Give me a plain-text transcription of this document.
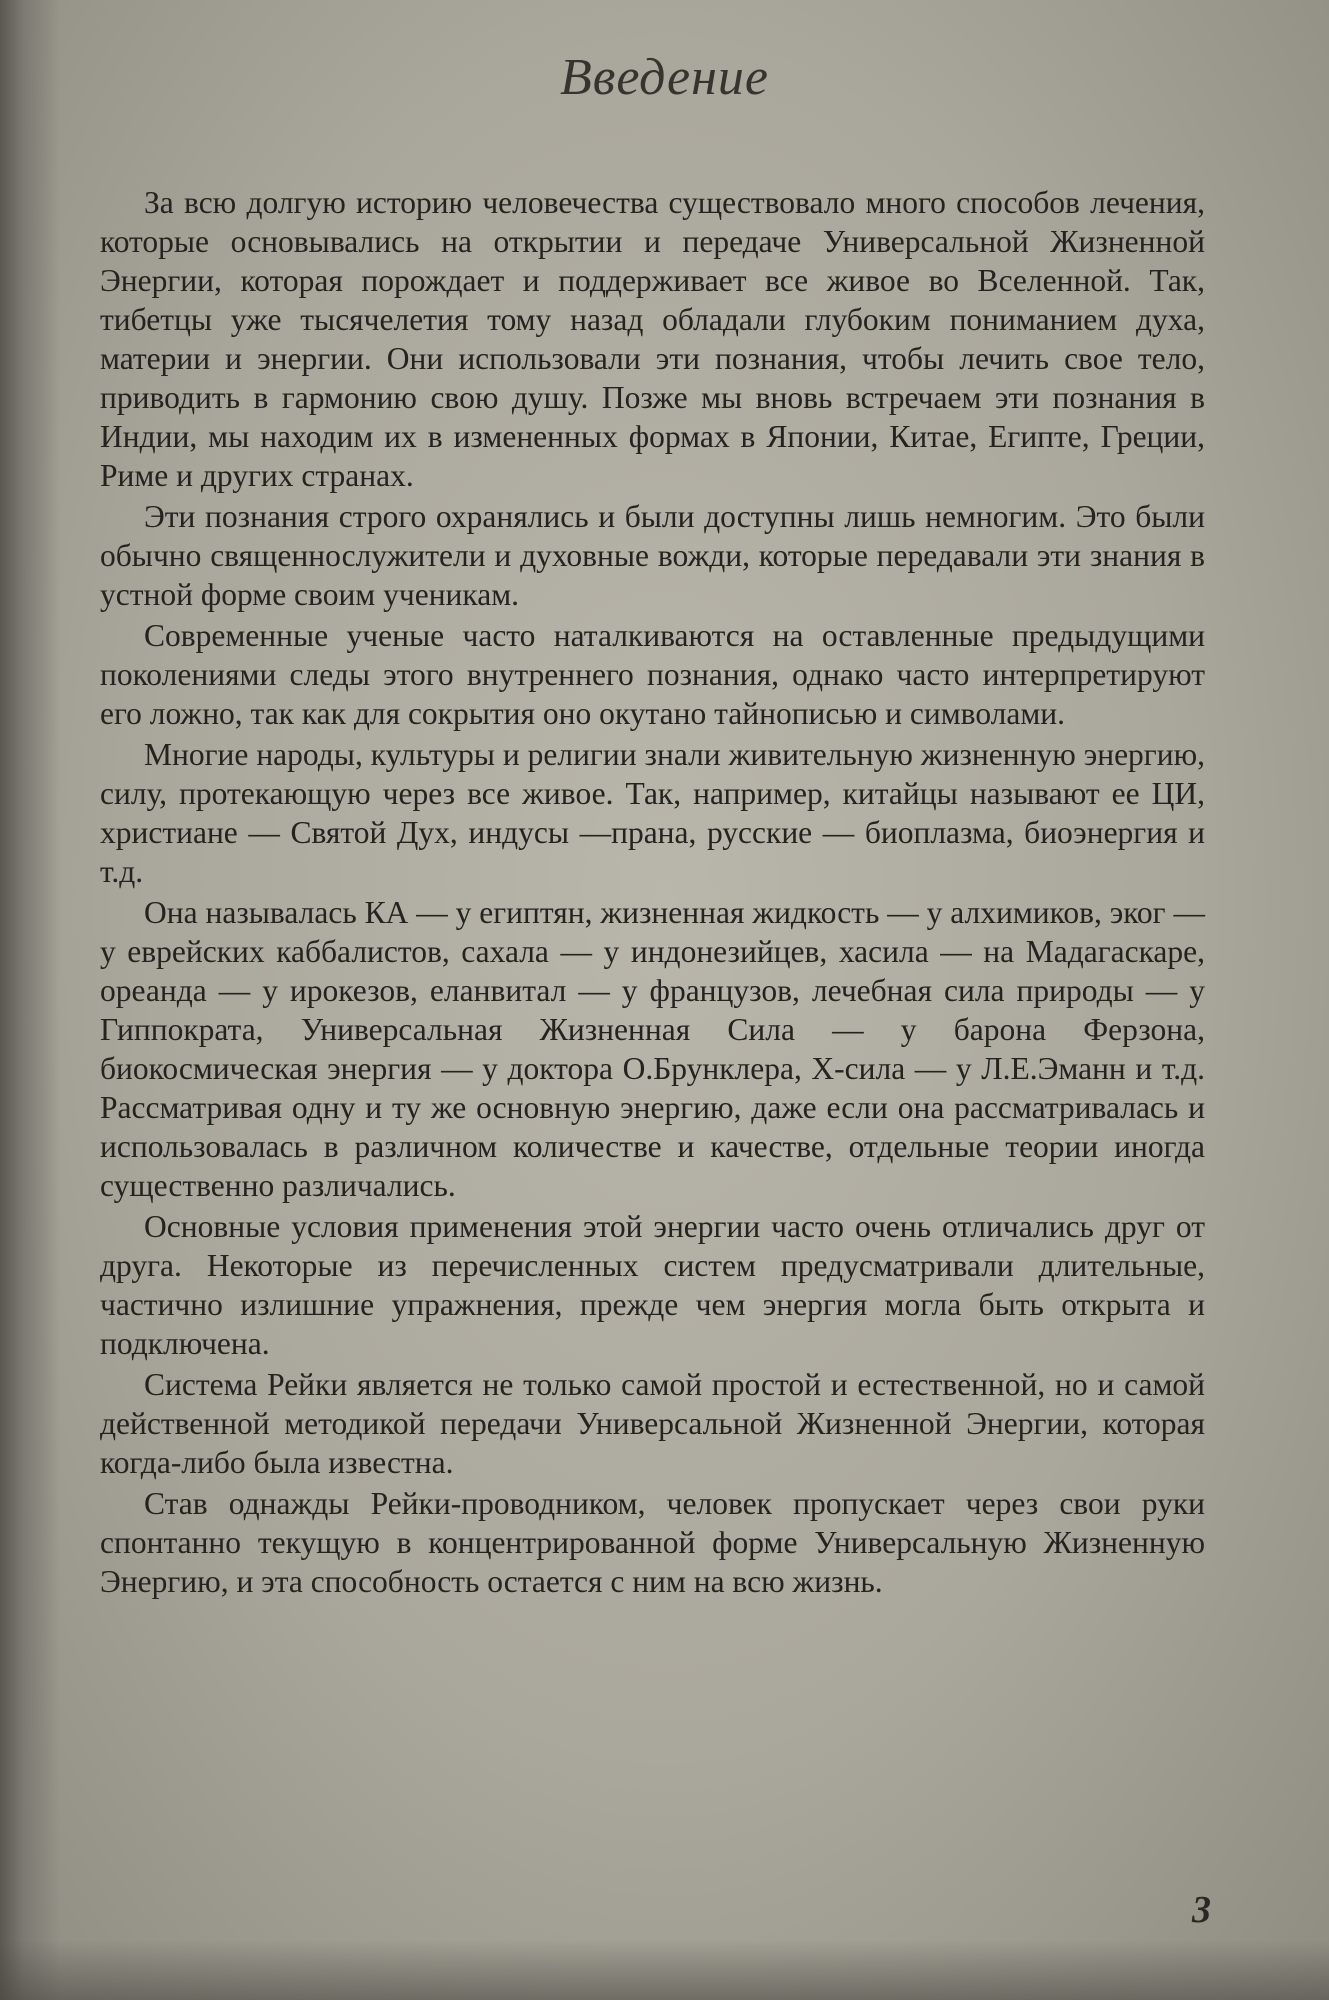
Введение

За всю долгую историю человечества существовало много способов лечения, которые основывались на открытии и передаче Универсальной Жизненной Энергии, которая порождает и поддерживает все живое во Вселенной. Так, тибетцы уже тысячелетия тому назад обладали глубоким пониманием духа, материи и энергии. Они использовали эти познания, чтобы лечить свое тело, приводить в гармонию свою душу. Позже мы вновь встречаем эти познания в Индии, мы находим их в измененных формах в Японии, Китае, Египте, Греции, Риме и других странах.

Эти познания строго охранялись и были доступны лишь немногим. Это были обычно священнослужители и духовные вожди, которые передавали эти знания в устной форме своим ученикам.

Современные ученые часто наталкиваются на оставленные предыдущими поколениями следы этого внутреннего познания, однако часто интерпретируют его ложно, так как для сокрытия оно окутано тайнописью и символами.

Многие народы, культуры и религии знали живительную жизненную энергию, силу, протекающую через все живое. Так, например, китайцы называют ее ЦИ, христиане — Святой Дух, индусы —прана, русские — биоплазма, биоэнергия и т.д.

Она называлась КА — у египтян, жизненная жидкость — у алхимиков, эког — у еврейских каббалистов, сахала — у индонезийцев, хасила — на Мадагаскаре, ореанда — у ирокезов, еланвитал — у французов, лечебная сила природы — у Гиппократа, Универсальная Жизненная Сила — у барона Ферзона, биокосмическая энергия — у доктора О.Брунклера, Х-сила — у Л.Е.Эманн и т.д. Рассматривая одну и ту же основную энергию, даже если она рассматривалась и использовалась в различном количестве и качестве, отдельные теории иногда существенно различались.

Основные условия применения этой энергии часто очень отличались друг от друга. Некоторые из перечисленных систем предусматривали длительные, частично излишние упражнения, прежде чем энергия могла быть открыта и подключена.

Система Рейки является не только самой простой и естественной, но и самой действенной методикой передачи Универсальной Жизненной Энергии, которая когда-либо была известна.

Став однажды Рейки-проводником, человек пропускает через свои руки спонтанно текущую в концентрированной форме Универсальную Жизненную Энергию, и эта способность остается с ним на всю жизнь.

3
